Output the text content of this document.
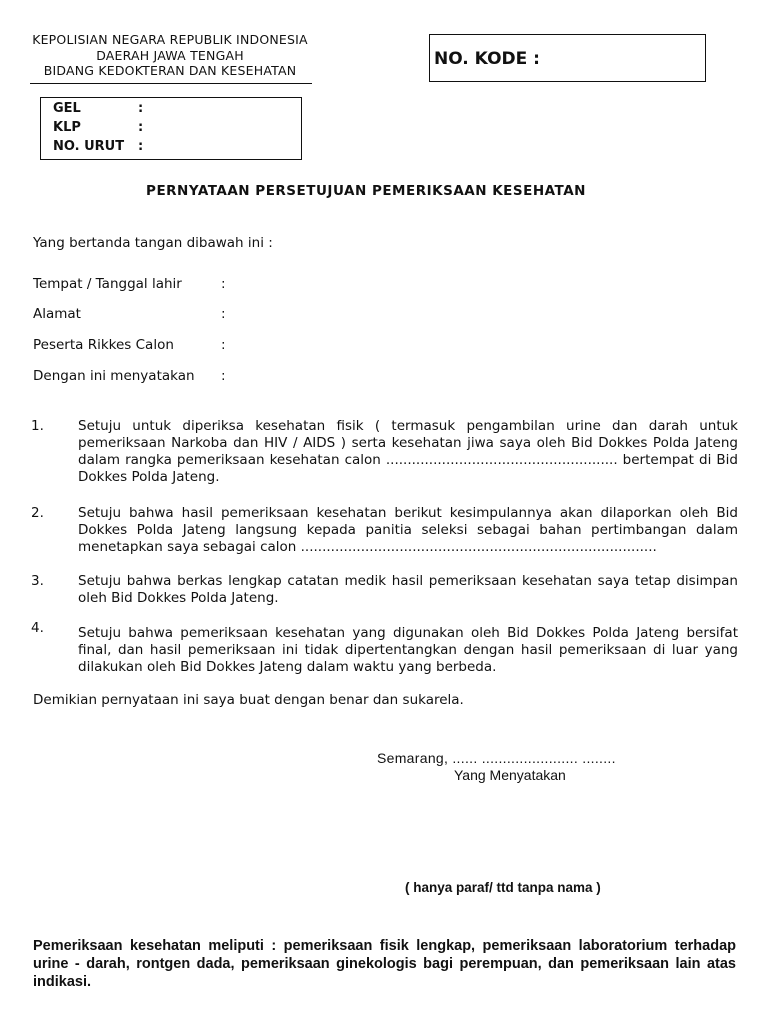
KEPOLISIAN NEGARA REPUBLIK INDONESIA
DAERAH JAWA TENGAH
BIDANG KEDOKTERAN DAN KESEHATAN
NO. KODE :
GEL	:
KLP	:
NO. URUT :
PERNYATAAN PERSETUJUAN PEMERIKSAAN KESEHATAN
Yang bertanda tangan dibawah ini :
Tempat / Tanggal lahir	:
Alamat	:
Peserta Rikkes Calon	:
Dengan ini menyatakan :
1.	Setuju untuk diperiksa kesehatan fisik ( termasuk pengambilan urine dan darah untuk pemeriksaan Narkoba dan HIV / AIDS ) serta kesehatan jiwa saya oleh Bid Dokkes Polda Jateng dalam rangka pemeriksaan kesehatan calon ...................................................... bertempat di Bid Dokkes Polda Jateng.
2.	Setuju bahwa hasil pemeriksaan kesehatan berikut kesimpulannya akan dilaporkan oleh Bid Dokkes Polda Jateng langsung kepada panitia seleksi sebagai bahan pertimbangan dalam menetapkan saya sebagai calon ...................................................................................
3.	Setuju bahwa berkas lengkap catatan medik hasil pemeriksaan kesehatan saya tetap disimpan oleh Bid Dokkes Polda Jateng.
4.	Setuju bahwa pemeriksaan kesehatan yang digunakan oleh Bid Dokkes Polda Jateng bersifat final, dan hasil pemeriksaan ini tidak dipertentangkan dengan hasil pemeriksaan di luar yang dilakukan oleh Bid Dokkes Jateng dalam waktu yang berbeda.
Demikian pernyataan ini saya buat dengan benar dan sukarela.
Semarang, ...... ....................... ........
Yang Menyatakan
( hanya paraf/ ttd tanpa nama )
Pemeriksaan kesehatan meliputi : pemeriksaan fisik lengkap, pemeriksaan laboratorium terhadap urine - darah, rontgen dada, pemeriksaan ginekologis bagi perempuan, dan pemeriksaan lain atas indikasi.
